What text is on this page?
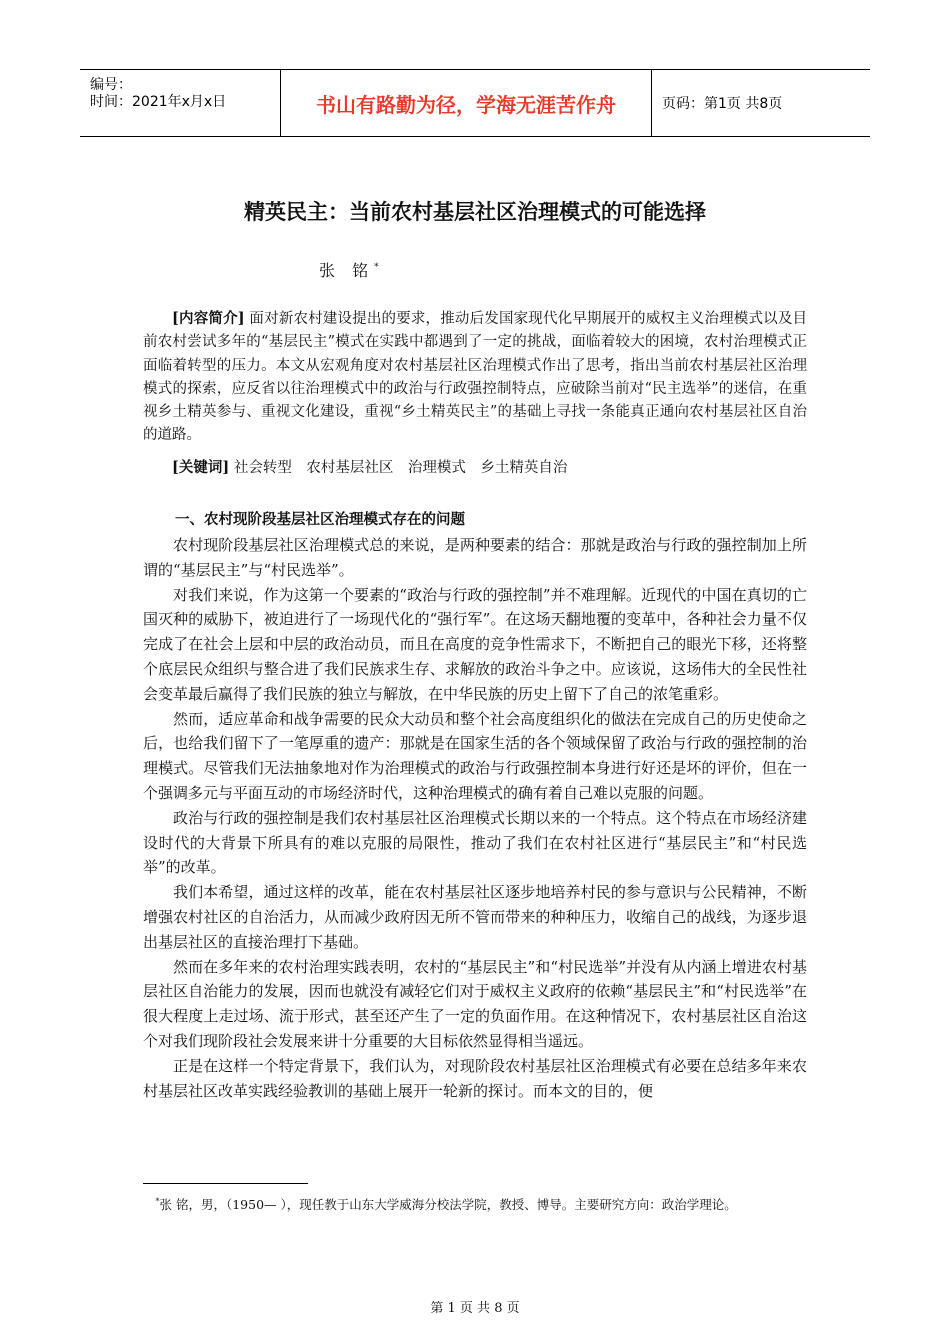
编号：
时间：2021年x月x日	书山有路勤为径，学海无涯苦作舟	页码：第1页 共8页
精英民主：当前农村基层社区治理模式的可能选择
张 铭*

[内容简介] 面对新农村建设提出的要求，推动后发国家现代化早期展开的威权主义治理模式以及目前农村尝试多年的“基层民主”模式在实践中都遇到了一定的挑战，面临着较大的困境，农村治理模式正面临着转型的压力。本文从宏观角度对农村基层社区治理模式作出了思考，指出当前农村基层社区治理模式的探索，应反省以往治理模式中的政治与行政强控制特点，应破除当前对“民主选举”的迷信，在重视乡土精英参与、重视文化建设，重视“乡土精英民主”的基础上寻找一条能真正通向农村基层社区自治的道路。

[关键词] 社会转型　农村基层社区　治理模式　乡土精英自治

一、农村现阶段基层社区治理模式存在的问题

农村现阶段基层社区治理模式总的来说，是两种要素的结合：那就是政治与行政的强控制加上所谓的“基层民主”与“村民选举”。

对我们来说，作为这第一个要素的“政治与行政的强控制”并不难理解。近现代的中国在真切的亡国灭种的威胁下，被迫进行了一场现代化的“强行军”。在这场天翻地覆的变革中，各种社会力量不仅完成了在社会上层和中层的政治动员，而且在高度的竞争性需求下，不断把自己的眼光下移，还将整个底层民众组织与整合进了我们民族求生存、求解放的政治斗争之中。应该说，这场伟大的全民性社会变革最后赢得了我们民族的独立与解放，在中华民族的历史上留下了自己的浓笔重彩。

然而，适应革命和战争需要的民众大动员和整个社会高度组织化的做法在完成自己的历史使命之后，也给我们留下了一笔厚重的遗产：那就是在国家生活的各个领域保留了政治与行政的强控制的治理模式。尽管我们无法抽象地对作为治理模式的政治与行政强控制本身进行好还是坏的评价，但在一个强调多元与平面互动的市场经济时代，这种治理模式的确有着自己难以克服的问题。

政治与行政的强控制是我们农村基层社区治理模式长期以来的一个特点。这个特点在市场经济建设时代的大背景下所具有的难以克服的局限性，推动了我们在农村社区进行“基层民主”和“村民选举”的改革。

我们本希望，通过这样的改革，能在农村基层社区逐步地培养村民的参与意识与公民精神，不断增强农村社区的自治活力，从而减少政府因无所不管而带来的种种压力，收缩自己的战线，为逐步退出基层社区的直接治理打下基础。

然而在多年来的农村治理实践表明，农村的“基层民主”和“村民选举”并没有从内涵上增进农村基层社区自治能力的发展，因而也就没有减轻它们对于威权主义政府的依赖“基层民主”和“村民选举”在很大程度上走过场、流于形式，甚至还产生了一定的负面作用。在这种情况下，农村基层社区自治这个对我们现阶段社会发展来讲十分重要的大目标依然显得相当遥远。

正是在这样一个特定背景下，我们认为，对现阶段农村基层社区治理模式有必要在总结多年来农村基层社区改革实践经验教训的基础上展开一轮新的探讨。而本文的目的，便

*张 铭，男，（1950— ），现任教于山东大学威海分校法学院，教授、博导。主要研究方向：政治学理论。
第 1 页 共 8 页
